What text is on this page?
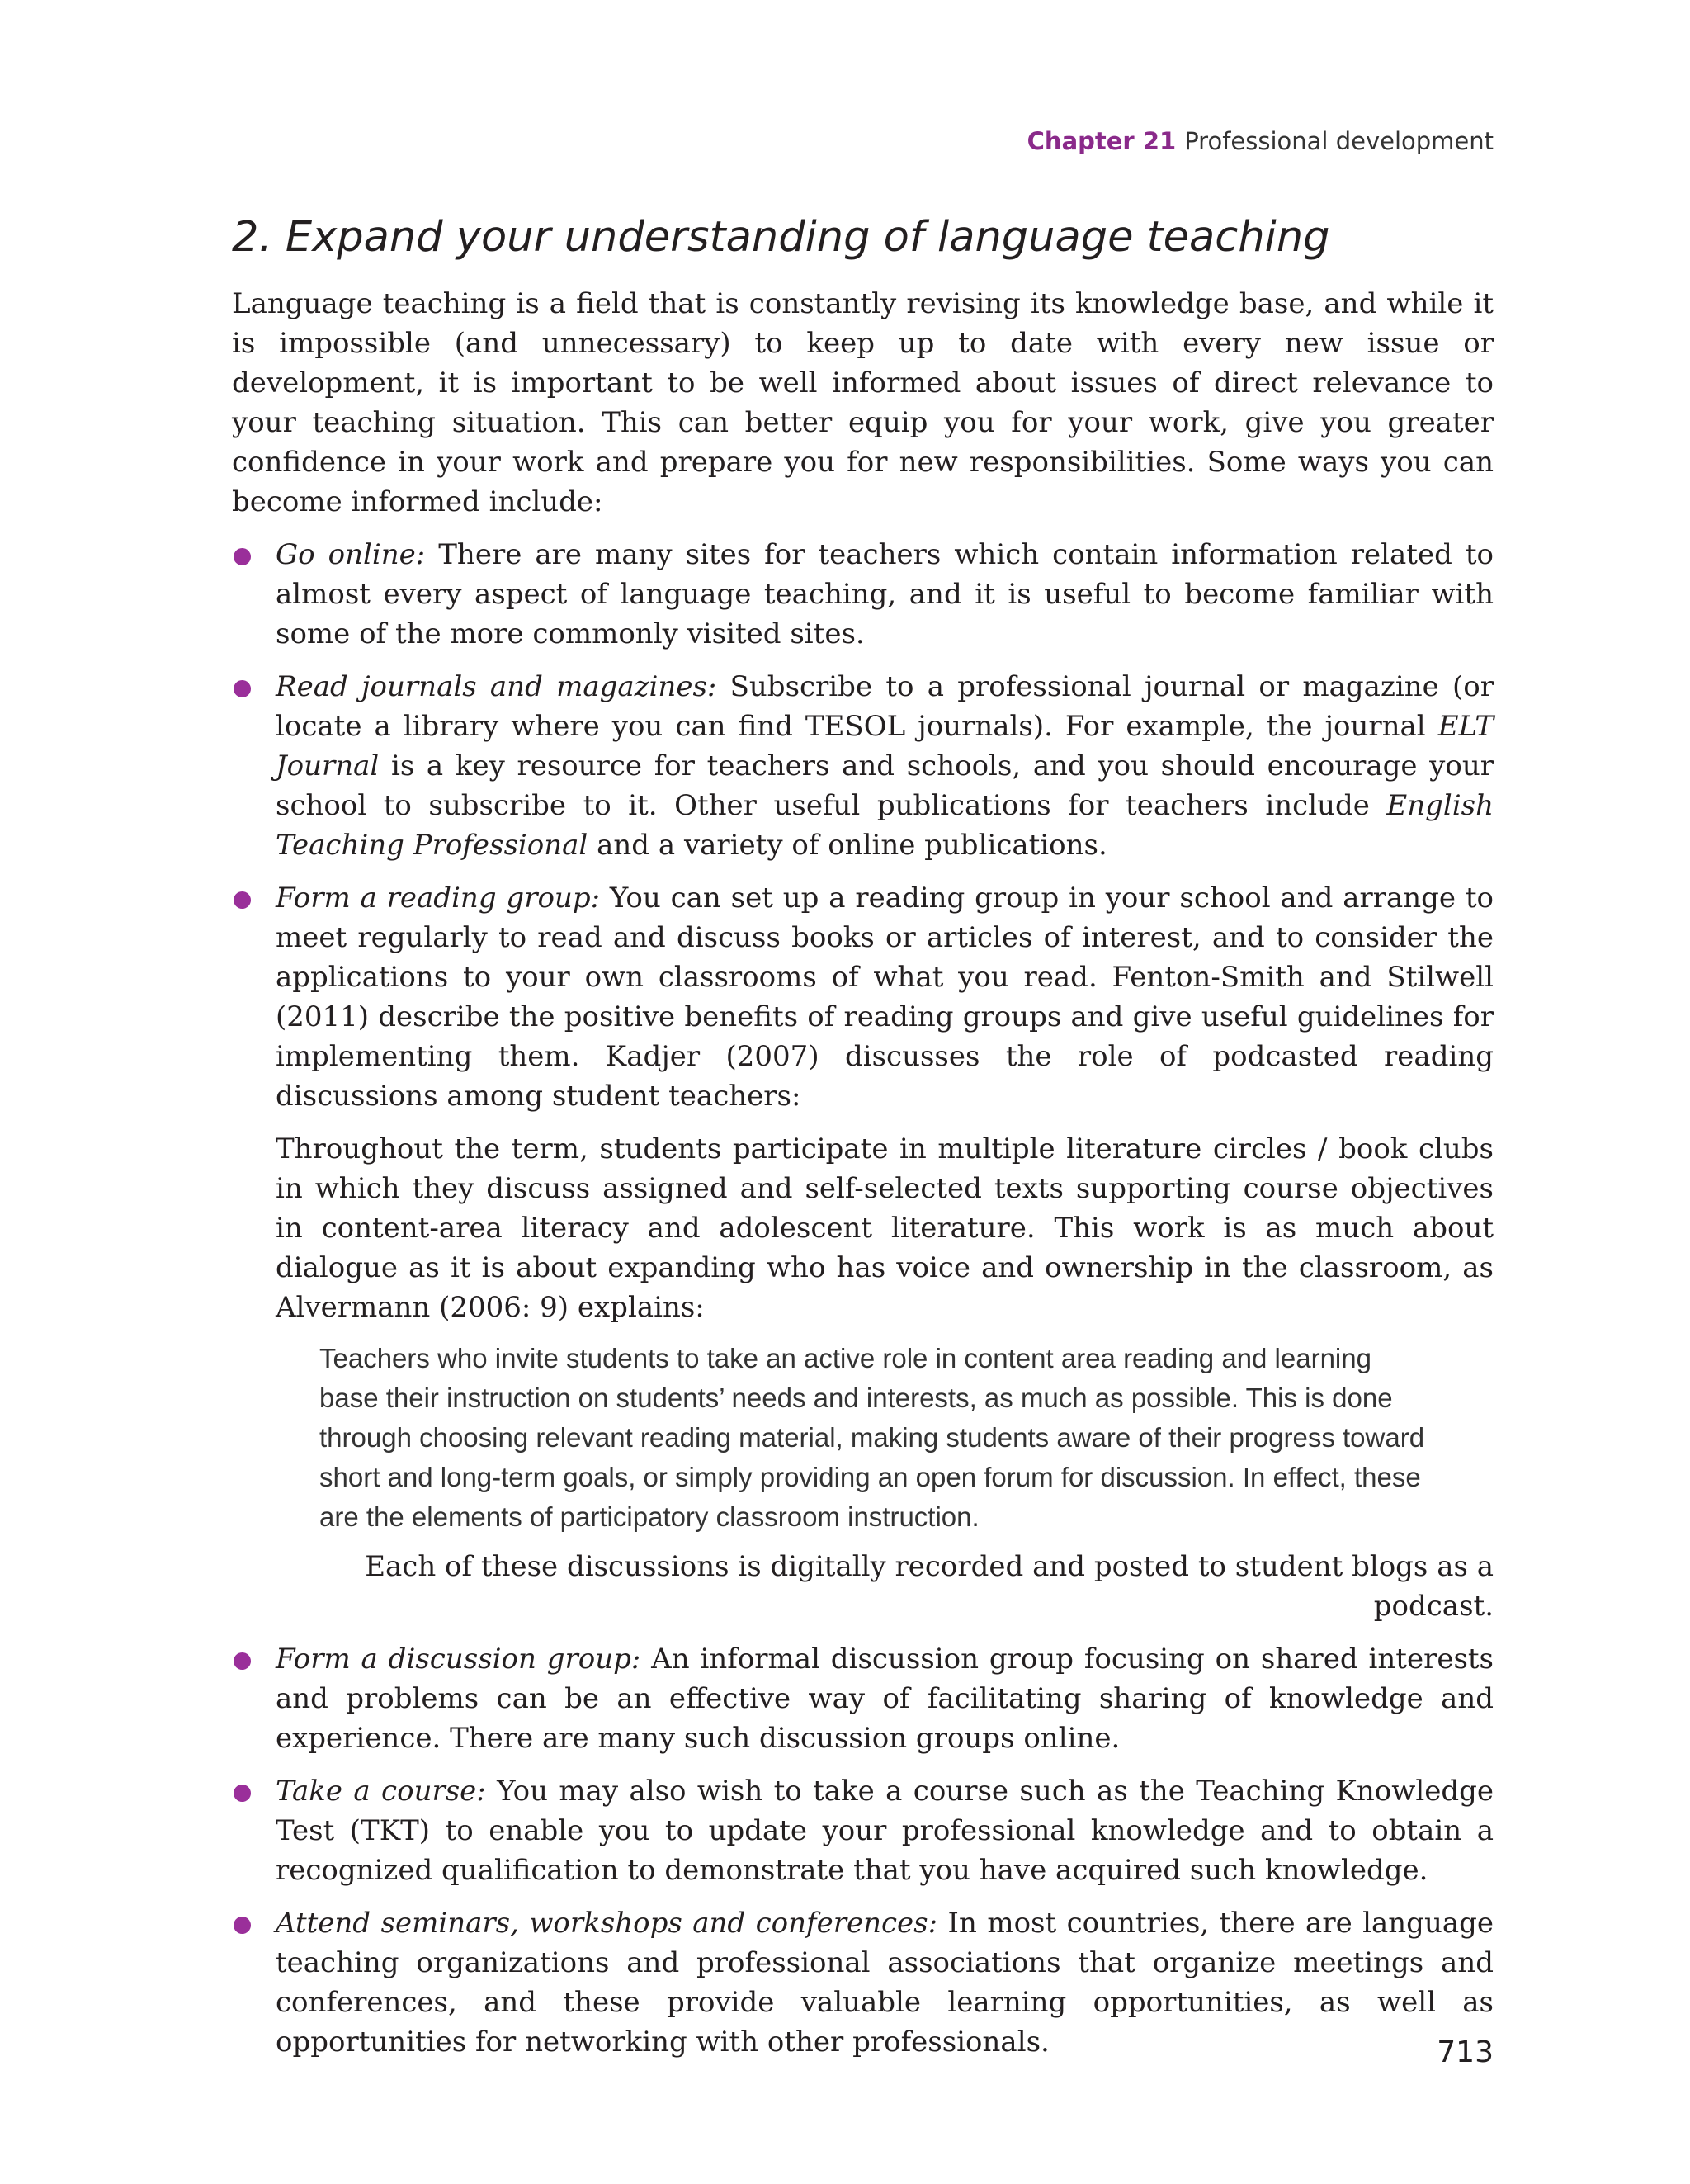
Chapter 21 Professional development
2. Expand your understanding of language teaching

Language teaching is a field that is constantly revising its knowledge base, and while it is impossible (and unnecessary) to keep up to date with every new issue or development, it is important to be well informed about issues of direct relevance to your teaching situation. This can better equip you for your work, give you greater confidence in your work and prepare you for new responsibilities. Some ways you can become informed include:

Go online: There are many sites for teachers which contain information related to almost every aspect of language teaching, and it is useful to become familiar with some of the more commonly visited sites.
Read journals and magazines: Subscribe to a professional journal or magazine (or locate a library where you can find TESOL journals). For example, the journal ELT Journal is a key resource for teachers and schools, and you should encourage your school to subscribe to it. Other useful publications for teachers include English Teaching Professional and a variety of online publications.
Form a reading group: You can set up a reading group in your school and arrange to meet regularly to read and discuss books or articles of interest, and to consider the applications to your own classrooms of what you read. Fenton-Smith and Stilwell (2011) describe the positive benefits of reading groups and give useful guidelines for implementing them. Kadjer (2007) discusses the role of podcasted reading discussions among student teachers:

Throughout the term, students participate in multiple literature circles / book clubs in which they discuss assigned and self-selected texts supporting course objectives in content-area literacy and adolescent literature. This work is as much about dialogue as it is about expanding who has voice and ownership in the classroom, as Alvermann (2006: 9) explains:

Teachers who invite students to take an active role in content area reading and learning base their instruction on students’ needs and interests, as much as possible. This is done through choosing relevant reading material, making students aware of their progress toward short and long-term goals, or simply providing an open forum for discussion. In effect, these are the elements of participatory classroom instruction.

Each of these discussions is digitally recorded and posted to student blogs as a podcast.

Form a discussion group: An informal discussion group focusing on shared interests and problems can be an effective way of facilitating sharing of knowledge and experience. There are many such discussion groups online.
Take a course: You may also wish to take a course such as the Teaching Knowledge Test (TKT) to enable you to update your professional knowledge and to obtain a recognized qualification to demonstrate that you have acquired such knowledge.
Attend seminars, workshops and conferences: In most countries, there are language teaching organizations and professional associations that organize meetings and conferences, and these provide valuable learning opportunities, as well as opportunities for networking with other professionals.	713
